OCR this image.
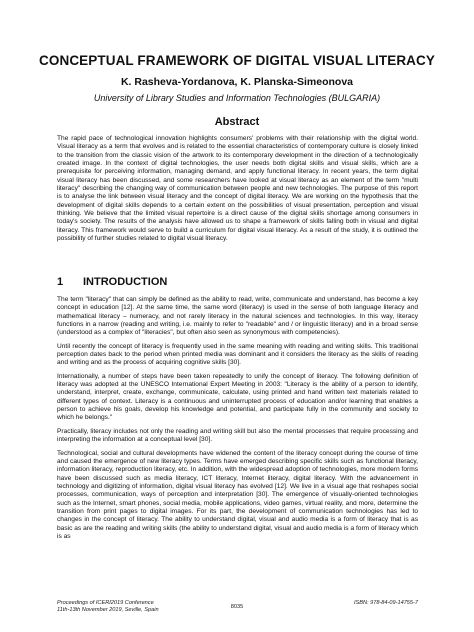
CONCEPTUAL FRAMEWORK OF DIGITAL VISUAL LITERACY
K. Rasheva-Yordanova, K. Planska-Simeonova
University of Library Studies and Information Technologies (BULGARIA)
Abstract
The rapid pace of technological innovation highlights consumers' problems with their relationship with the digital world. Visual literacy as a term that evolves and is related to the essential characteristics of contemporary culture is closely linked to the transition from the classic vision of the artwork to its contemporary development in the direction of a technologically created image. In the context of digital technologies, the user needs both digital skills and visual skills, which are a prerequisite for perceiving information, managing demand, and apply functional literacy. In recent years, the term digital visual literacy has been discussed, and some researchers have looked at visual literacy as an element of the term "multi literacy" describing the changing way of communication between people and new technologies. The purpose of this report is to analyse the link between visual literacy and the concept of digital literacy. We are working on the hypothesis that the development of digital skills depends to a certain extent on the possibilities of visual presentation, perception and visual thinking. We believe that the limited visual repertoire is a direct cause of the digital skills shortage among consumers in today's society. The results of the analysis have allowed us to shape a framework of skills falling both in visual and digital literacy. This framework would serve to build a curriculum for digital visual literacy. As a result of the study, it is outlined the possibility of further studies related to digital visual literacy.
1 INTRODUCTION

The term "literacy" that can simply be defined as the ability to read, write, communicate and understand, has become a key concept in education [12]. At the same time, the same word (literacy) is used in the sense of both language literacy and mathematical literacy – numeracy, and not rarely literacy in the natural sciences and technologies. In this way, literacy functions in a narrow (reading and writing, i.e. mainly to refer to "readable" and / or linguistic literacy) and in a broad sense (understood as a complex of "literacies", but often also seen as synonymous with competencies).

Until recently the concept of literacy is frequently used in the same meaning with reading and writing skills. This traditional perception dates back to the period when printed media was dominant and it considers the literacy as the skills of reading and writing and as the process of acquiring cognitive skills [30].

Internationally, a number of steps have been taken repeatedly to unify the concept of literacy. The following definition of literacy was adopted at the UNESCO International Expert Meeting in 2003: "Literacy is the ability of a person to identify, understand, interpret, create, exchange, communicate, calculate, using printed and hand written text materials related to different types of context. Literacy is a continuous and uninterrupted process of education and/or learning that enables a person to achieve his goals, develop his knowledge and potential, and participate fully in the community and society to which he belongs."

Practically, literacy includes not only the reading and writing skill but also the mental processes that require processing and interpreting the information at a conceptual level [30].

Technological, social and cultural developments have widened the content of the literacy concept during the course of time and caused the emergence of new literacy types. Terms have emerged describing specific skills such as functional literacy, information literacy, reproduction literacy, etc. In addition, with the widespread adoption of technologies, more modern forms have been discussed such as media literacy, ICT literacy, Internet literacy, digital literacy. With the advancement in technology and digitizing of information, digital visual literacy has evolved [12]. We live in a visual age that reshapes social processes, communication, ways of perception and interpretation [30]. The emergence of visually-oriented technologies such as the Internet, smart phones, social media, mobile applications, video games, virtual reality, and more, determine the transition from print pages to digital images. For its part, the development of communication technologies has led to changes in the concept of literacy. The ability to understand digital, visual and audio media is a form of literacy that is as basic as are the reading and writing skills (the ability to understand digital, visual and audio media is a form of literacy which is as

Proceedings of ICERI2019 Conference
11th-13th November 2019, Seville, Spain	8035
ISBN: 978-84-09-14755-7
